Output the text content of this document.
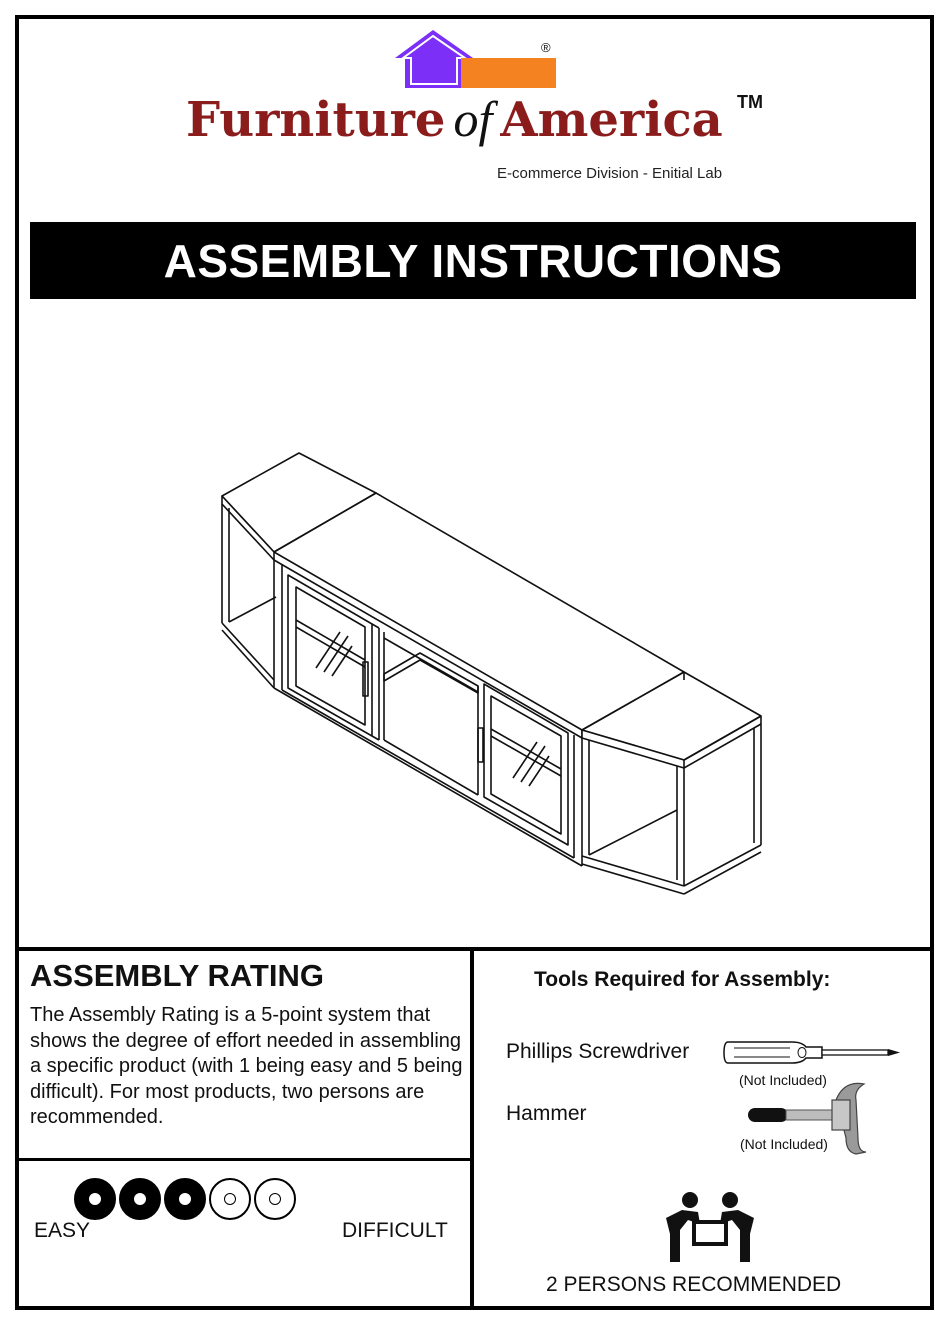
®
Furniture of America TM
E-commerce Division - Enitial Lab
ASSEMBLY INSTRUCTIONS
ASSEMBLY RATING
The Assembly Rating is a 5-point system that shows the degree of effort needed in assembling a specific product (with 1 being easy and 5 being difficult). For most products, two persons are recommended.
EASY	DIFFICULT
Tools Required for Assembly:
Phillips Screwdriver
(Not Included)
Hammer
(Not Included)
2 PERSONS RECOMMENDED
